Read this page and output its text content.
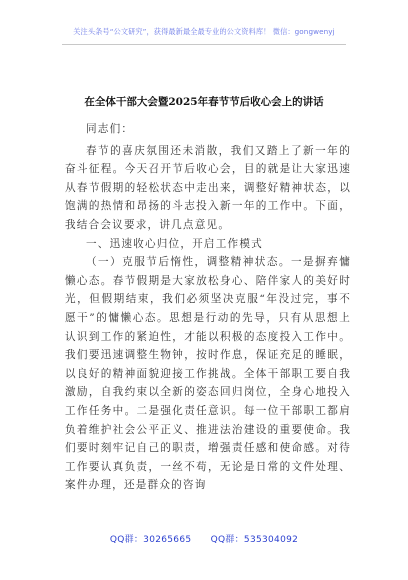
关注头条号“公文研究”，获得最新最全最专业的公文资料库！ 微信：gongwenyj
在全体干部大会暨2025年春节节后收心会上的讲话

同志们：

春节的喜庆氛围还未消散，我们又踏上了新一年的奋斗征程。今天召开节后收心会，目的就是让大家迅速从春节假期的轻松状态中走出来，调整好精神状态，以饱满的热情和昂扬的斗志投入新一年的工作中。下面，我结合会议要求，讲几点意见。

一、迅速收心归位，开启工作模式

（一）克服节后惰性，调整精神状态。一是摒弃慵懒心态。春节假期是大家放松身心、陪伴家人的美好时光，但假期结束，我们必须坚决克服“年没过完，事不愿干”的慵懒心态。思想是行动的先导，只有从思想上认识到工作的紧迫性，才能以积极的态度投入工作中。我们要迅速调整生物钟，按时作息，保证充足的睡眠，以良好的精神面貌迎接工作挑战。全体干部职工要自我激励，自我约束以全新的姿态回归岗位，全身心地投入工作任务中。二是强化责任意识。每一位干部职工都肩负着维护社会公平正义、推进法治建设的重要使命。我们要时刻牢记自己的职责，增强责任感和使命感。对待工作要认真负责，一丝不苟，无论是日常的文件处理、案件办理，还是群众的咨询

QQ群：30265665 QQ群：535304092
